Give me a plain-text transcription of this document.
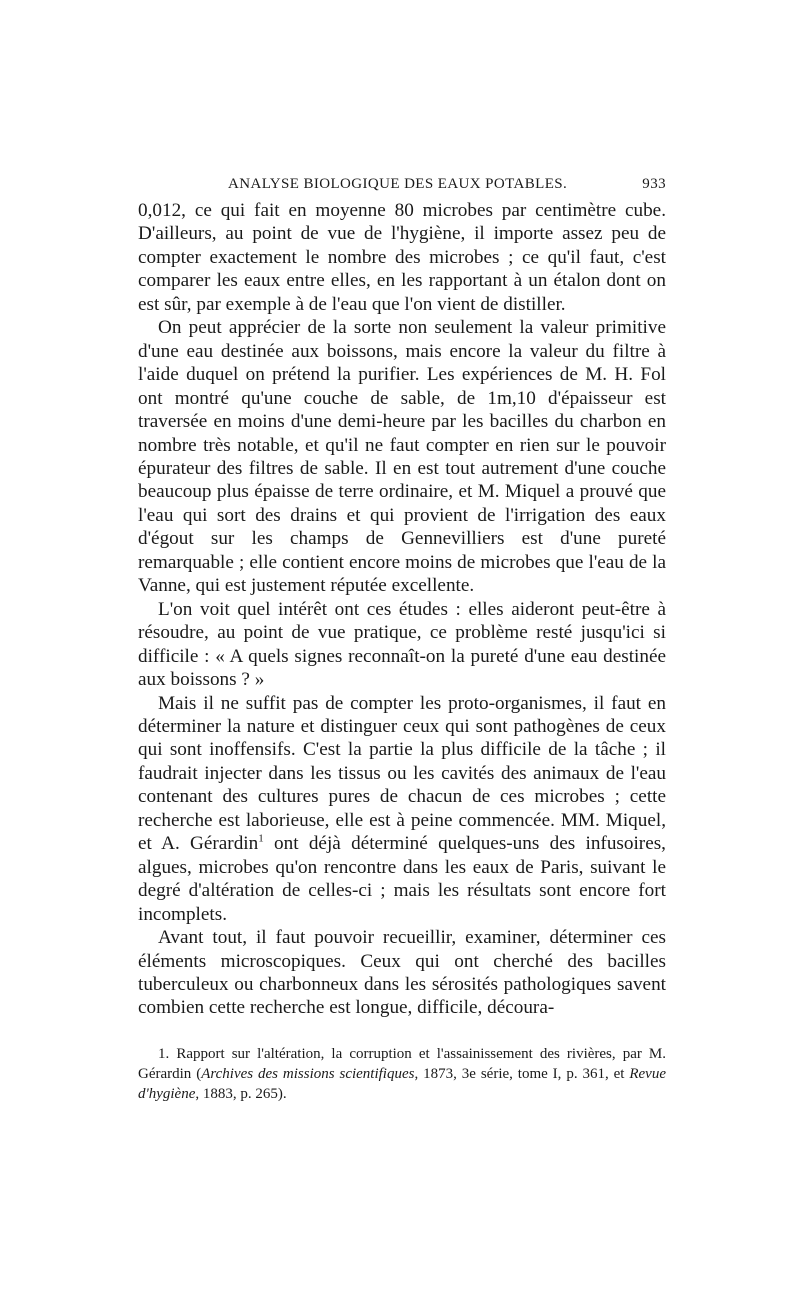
ANALYSE BIOLOGIQUE DES EAUX POTABLES.	933

0,012, ce qui fait en moyenne 80 microbes par centimètre cube. D'ailleurs, au point de vue de l'hygiène, il importe assez peu de compter exactement le nombre des microbes ; ce qu'il faut, c'est comparer les eaux entre elles, en les rapportant à un étalon dont on est sûr, par exemple à de l'eau que l'on vient de distiller.

On peut apprécier de la sorte non seulement la valeur primitive d'une eau destinée aux boissons, mais encore la valeur du filtre à l'aide duquel on prétend la purifier. Les expériences de M. H. Fol ont montré qu'une couche de sable, de 1m,10 d'épaisseur est traversée en moins d'une demi-heure par les bacilles du charbon en nombre très notable, et qu'il ne faut compter en rien sur le pouvoir épurateur des filtres de sable. Il en est tout autrement d'une couche beaucoup plus épaisse de terre ordinaire, et M. Miquel a prouvé que l'eau qui sort des drains et qui provient de l'irrigation des eaux d'égout sur les champs de Gennevilliers est d'une pureté remarquable ; elle contient encore moins de microbes que l'eau de la Vanne, qui est justement réputée excellente.

L'on voit quel intérêt ont ces études : elles aideront peut-être à résoudre, au point de vue pratique, ce problème resté jusqu'ici si difficile : « A quels signes reconnaît-on la pureté d'une eau destinée aux boissons ? »

Mais il ne suffit pas de compter les proto-organismes, il faut en déterminer la nature et distinguer ceux qui sont pathogènes de ceux qui sont inoffensifs. C'est la partie la plus difficile de la tâche ; il faudrait injecter dans les tissus ou les cavités des animaux de l'eau contenant des cultures pures de chacun de ces microbes ; cette recherche est laborieuse, elle est à peine commencée. MM. Miquel, et A. Gérardin$^1$ ont déjà déterminé quelques-uns des infusoires, algues, microbes qu'on rencontre dans les eaux de Paris, suivant le degré d'altération de celles-ci ; mais les résultats sont encore fort incomplets.

Avant tout, il faut pouvoir recueillir, examiner, déterminer ces éléments microscopiques. Ceux qui ont cherché des bacilles tuberculeux ou charbonneux dans les sérosités pathologiques savent combien cette recherche est longue, difficile, découra-

1. Rapport sur l'altération, la corruption et l'assainissement des rivières, par M. Gérardin (Archives des missions scientifiques, 1873, 3e série, tome I, p. 361, et Revue d'hygiène, 1883, p. 265).
